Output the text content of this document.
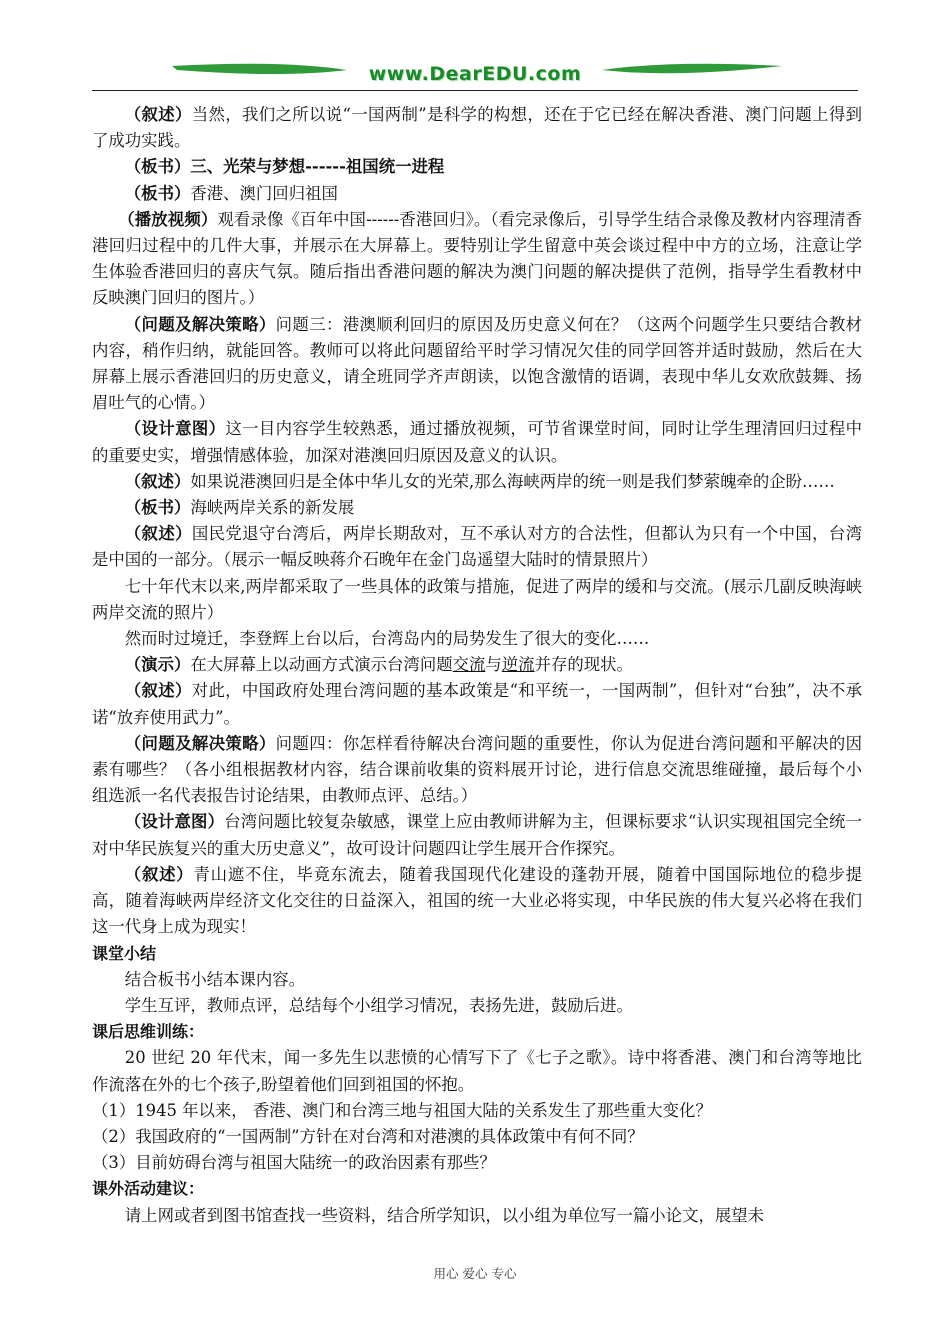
www.DearEDU.com

（叙述）当然，我们之所以说“一国两制”是科学的构想，还在于它已经在解决香港、澳门问题上得到了成功实践。

（板书）三、光荣与梦想------祖国统一进程

（板书）香港、澳门回归祖国

（播放视频）观看录像《百年中国------香港回归》。（看完录像后，引导学生结合录像及教材内容理清香港回归过程中的几件大事，并展示在大屏幕上。要特别让学生留意中英会谈过程中中方的立场，注意让学生体验香港回归的喜庆气氛。随后指出香港问题的解决为澳门问题的解决提供了范例，指导学生看教材中反映澳门回归的图片。）

（问题及解决策略）问题三：港澳顺利回归的原因及历史意义何在？（这两个问题学生只要结合教材内容，稍作归纳，就能回答。教师可以将此问题留给平时学习情况欠佳的同学回答并适时鼓励，然后在大屏幕上展示香港回归的历史意义，请全班同学齐声朗读，以饱含激情的语调，表现中华儿女欢欣鼓舞、扬眉吐气的心情。）

（设计意图）这一目内容学生较熟悉，通过播放视频，可节省课堂时间，同时让学生理清回归过程中的重要史实，增强情感体验，加深对港澳回归原因及意义的认识。

（叙述）如果说港澳回归是全体中华儿女的光荣,那么海峡两岸的统一则是我们梦萦魄牵的企盼……

（板书）海峡两岸关系的新发展

（叙述）国民党退守台湾后，两岸长期敌对，互不承认对方的合法性，但都认为只有一个中国，台湾是中国的一部分。（展示一幅反映蒋介石晚年在金门岛遥望大陆时的情景照片）

七十年代末以来,两岸都采取了一些具体的政策与措施，促进了两岸的缓和与交流。(展示几副反映海峡两岸交流的照片）

然而时过境迁，李登辉上台以后，台湾岛内的局势发生了很大的变化……

（演示）在大屏幕上以动画方式演示台湾问题交流与逆流并存的现状。

（叙述）对此，中国政府处理台湾问题的基本政策是“和平统一，一国两制”，但针对“台独”，决不承诺“放弃使用武力”。

（问题及解决策略）问题四：你怎样看待解决台湾问题的重要性，你认为促进台湾问题和平解决的因素有哪些？（各小组根据教材内容，结合课前收集的资料展开讨论，进行信息交流思维碰撞，最后每个小组选派一名代表报告讨论结果，由教师点评、总结。）

（设计意图）台湾问题比较复杂敏感，课堂上应由教师讲解为主，但课标要求“认识实现祖国完全统一对中华民族复兴的重大历史意义”，故可设计问题四让学生展开合作探究。

（叙述）青山遮不住，毕竟东流去，随着我国现代化建设的蓬勃开展，随着中国国际地位的稳步提高，随着海峡两岸经济文化交往的日益深入，祖国的统一大业必将实现，中华民族的伟大复兴必将在我们这一代身上成为现实！

课堂小结

结合板书小结本课内容。

学生互评，教师点评，总结每个小组学习情况，表扬先进，鼓励后进。

课后思维训练：

20 世纪 20 年代末，闻一多先生以悲愤的心情写下了《七子之歌》。诗中将香港、澳门和台湾等地比作流落在外的七个孩子,盼望着他们回到祖国的怀抱。

（1）1945 年以来， 香港、澳门和台湾三地与祖国大陆的关系发生了那些重大变化？

（2）我国政府的“一国两制”方针在对台湾和对港澳的具体政策中有何不同？

（3）目前妨碍台湾与祖国大陆统一的政治因素有那些？

课外活动建议：

请上网或者到图书馆查找一些资料，结合所学知识，以小组为单位写一篇小论文，展望未

用心 爱心 专心
